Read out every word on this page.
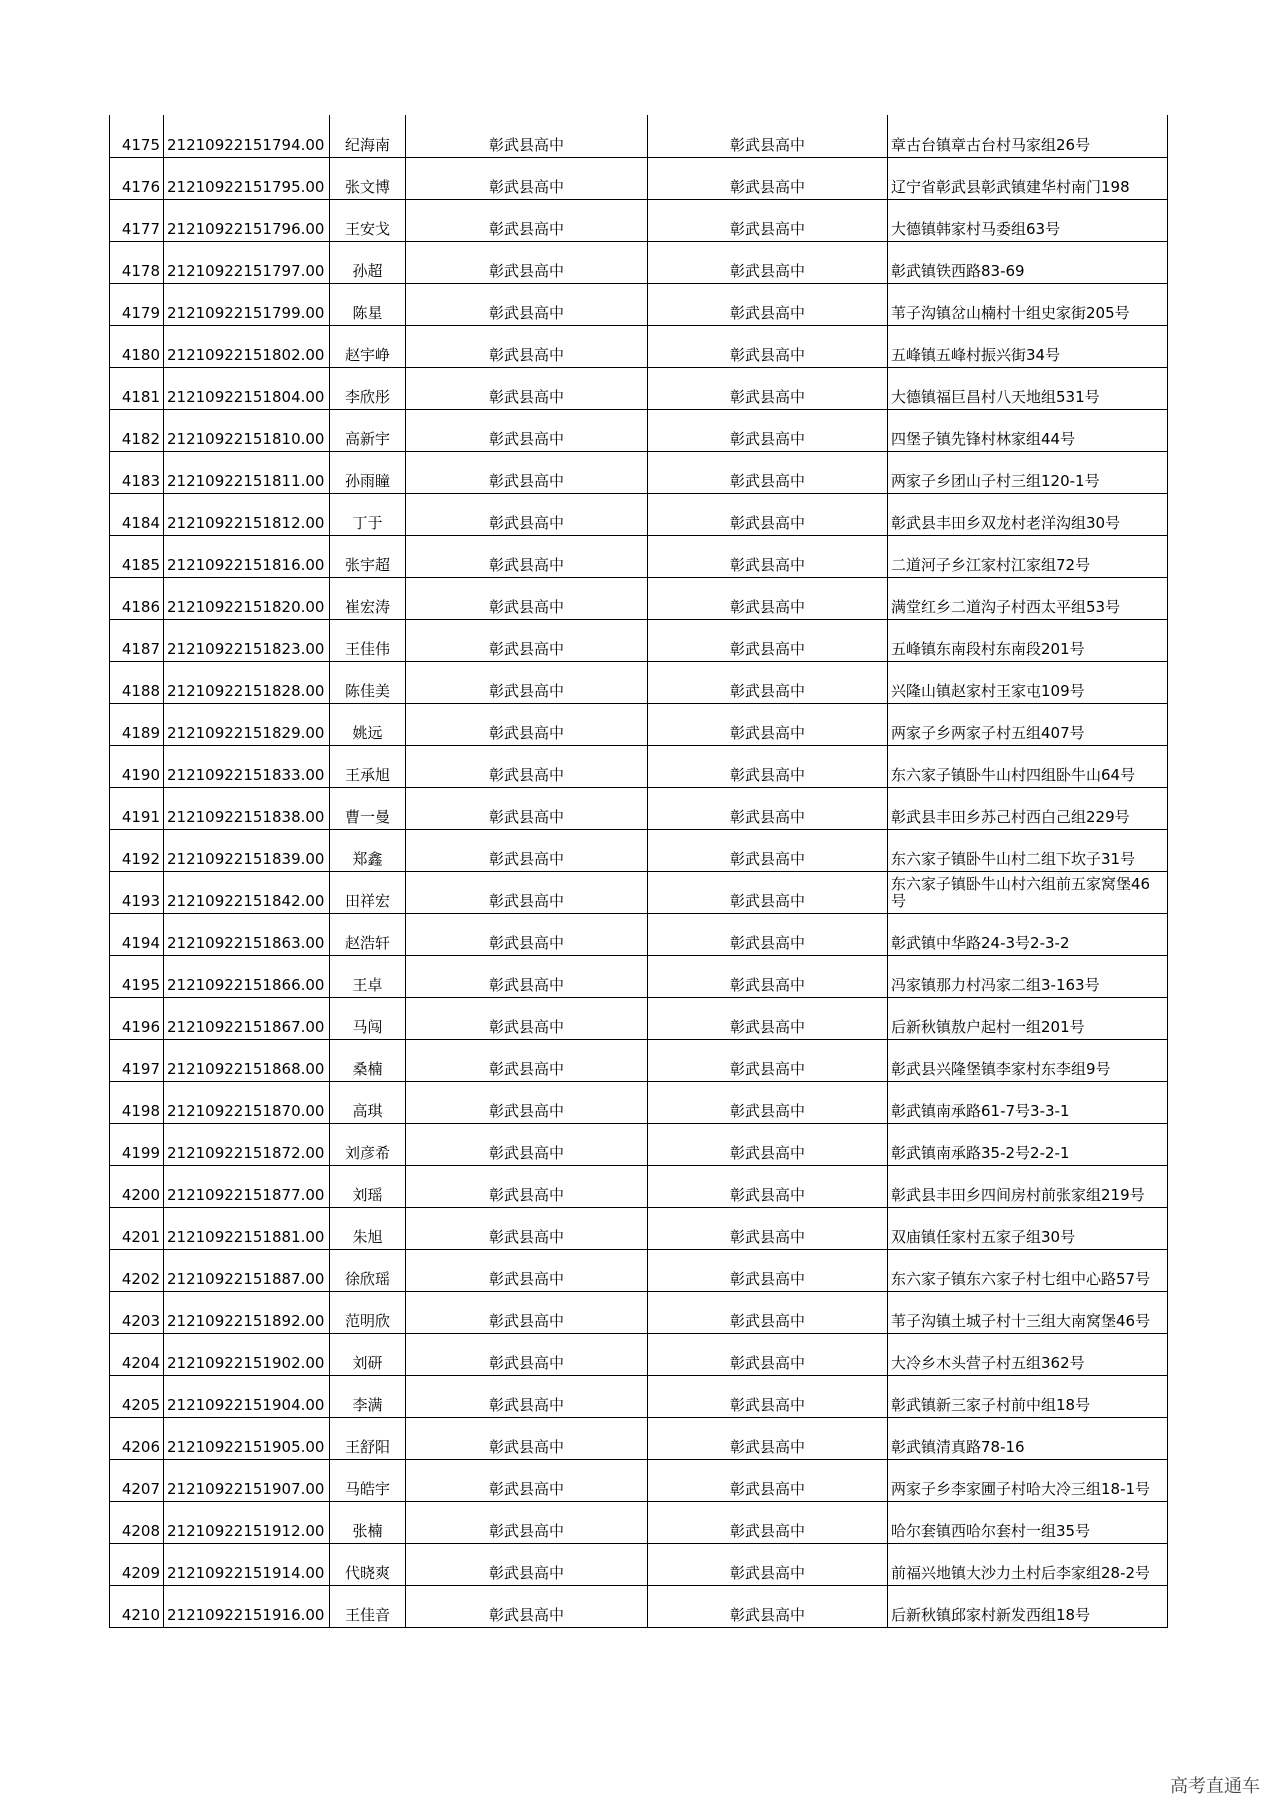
4175	21210922151794.00	纪海南	彰武县高中	彰武县高中	章古台镇章古台村马家组26号
4176	21210922151795.00	张文博	彰武县高中	彰武县高中	辽宁省彰武县彰武镇建华村南门198
4177	21210922151796.00	王安戈	彰武县高中	彰武县高中	大德镇韩家村马委组63号
4178	21210922151797.00	孙超	彰武县高中	彰武县高中	彰武镇铁西路83-69
4179	21210922151799.00	陈星	彰武县高中	彰武县高中	苇子沟镇岔山楠村十组史家街205号
4180	21210922151802.00	赵宇峥	彰武县高中	彰武县高中	五峰镇五峰村振兴街34号
4181	21210922151804.00	李欣彤	彰武县高中	彰武县高中	大德镇福巨昌村八天地组531号
4182	21210922151810.00	高新宇	彰武县高中	彰武县高中	四堡子镇先锋村林家组44号
4183	21210922151811.00	孙雨瞳	彰武县高中	彰武县高中	两家子乡团山子村三组120-1号
4184	21210922151812.00	丁于	彰武县高中	彰武县高中	彰武县丰田乡双龙村老洋沟组30号
4185	21210922151816.00	张宇超	彰武县高中	彰武县高中	二道河子乡江家村江家组72号
4186	21210922151820.00	崔宏涛	彰武县高中	彰武县高中	满堂红乡二道沟子村西太平组53号
4187	21210922151823.00	王佳伟	彰武县高中	彰武县高中	五峰镇东南段村东南段201号
4188	21210922151828.00	陈佳美	彰武县高中	彰武县高中	兴隆山镇赵家村王家屯109号
4189	21210922151829.00	姚远	彰武县高中	彰武县高中	两家子乡两家子村五组407号
4190	21210922151833.00	王承旭	彰武县高中	彰武县高中	东六家子镇卧牛山村四组卧牛山64号
4191	21210922151838.00	曹一曼	彰武县高中	彰武县高中	彰武县丰田乡苏己村西白己组229号
4192	21210922151839.00	郑鑫	彰武县高中	彰武县高中	东六家子镇卧牛山村二组下坎子31号
4193	21210922151842.00	田祥宏	彰武县高中	彰武县高中	东六家子镇卧牛山村六组前五家窝堡46号
4194	21210922151863.00	赵浩轩	彰武县高中	彰武县高中	彰武镇中华路24-3号2-3-2
4195	21210922151866.00	王卓	彰武县高中	彰武县高中	冯家镇那力村冯家二组3-163号
4196	21210922151867.00	马闯	彰武县高中	彰武县高中	后新秋镇敖户起村一组201号
4197	21210922151868.00	桑楠	彰武县高中	彰武县高中	彰武县兴隆堡镇李家村东李组9号
4198	21210922151870.00	高琪	彰武县高中	彰武县高中	彰武镇南承路61-7号3-3-1
4199	21210922151872.00	刘彦希	彰武县高中	彰武县高中	彰武镇南承路35-2号2-2-1
4200	21210922151877.00	刘瑶	彰武县高中	彰武县高中	彰武县丰田乡四间房村前张家组219号
4201	21210922151881.00	朱旭	彰武县高中	彰武县高中	双庙镇任家村五家子组30号
4202	21210922151887.00	徐欣瑶	彰武县高中	彰武县高中	东六家子镇东六家子村七组中心路57号
4203	21210922151892.00	范明欣	彰武县高中	彰武县高中	苇子沟镇土城子村十三组大南窝堡46号
4204	21210922151902.00	刘研	彰武县高中	彰武县高中	大冷乡木头营子村五组362号
4205	21210922151904.00	李满	彰武县高中	彰武县高中	彰武镇新三家子村前中组18号
4206	21210922151905.00	王舒阳	彰武县高中	彰武县高中	彰武镇清真路78-16
4207	21210922151907.00	马皓宇	彰武县高中	彰武县高中	两家子乡李家圃子村哈大冷三组18-1号
4208	21210922151912.00	张楠	彰武县高中	彰武县高中	哈尔套镇西哈尔套村一组35号
4209	21210922151914.00	代晓爽	彰武县高中	彰武县高中	前福兴地镇大沙力土村后李家组28-2号
4210	21210922151916.00	王佳音	彰武县高中	彰武县高中	后新秋镇邱家村新发西组18号
高考直通车
